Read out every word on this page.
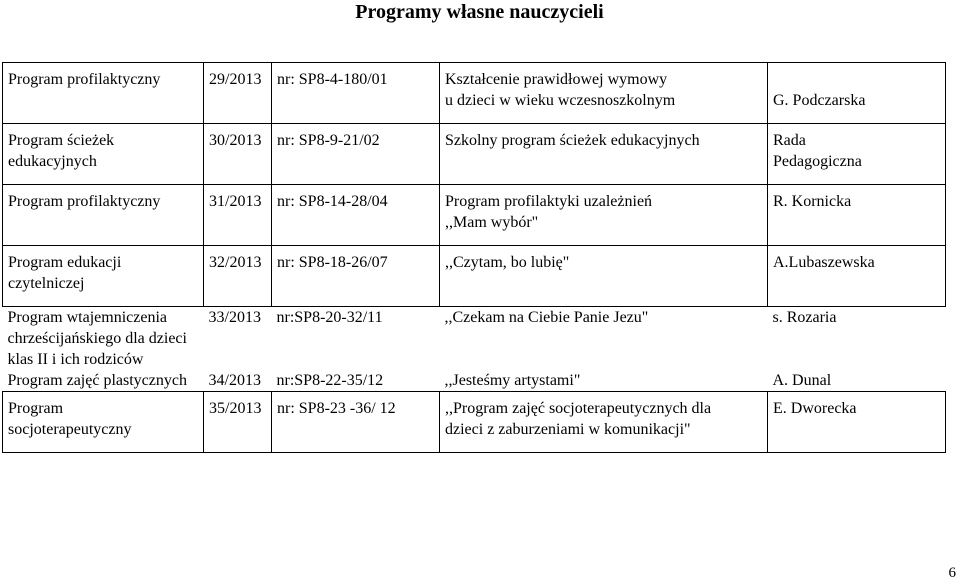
Programy własne nauczycieli
Program profilaktyczny	29/2013	nr: SP8-4-180/01	Kształcenie prawidłowej wymowy
u dzieci w wieku wczesnoszkolnym	G. Podczarska

Program ścieżek
edukacyjnych	30/2013	nr: SP8-9-21/02	Szkolny program ścieżek edukacyjnych	Rada
Pedagogiczna

Program profilaktyczny	31/2013	nr: SP8-14-28/04	Program profilaktyki uzależnień
,,Mam wybór"	R. Kornicka

Program edukacji
czytelniczej	32/2013	nr: SP8-18-26/07	,,Czytam, bo lubię"	A.Lubaszewska

Program wtajemniczenia
chrześcijańskiego dla dzieci
klas II i ich rodziców	33/2013	nr:SP8-20-32/11	,,Czekam na Ciebie Panie Jezu"	s. Rozaria

Program zajęć plastycznych	34/2013	nr:SP8-22-35/12	,,Jesteśmy artystami"	A. Dunal

Program
socjoterapeutyczny	35/2013	nr: SP8-23 -36/ 12	,,Program zajęć socjoterapeutycznych dla
dzieci z zaburzeniami w komunikacji"	E. Dworecka
6
